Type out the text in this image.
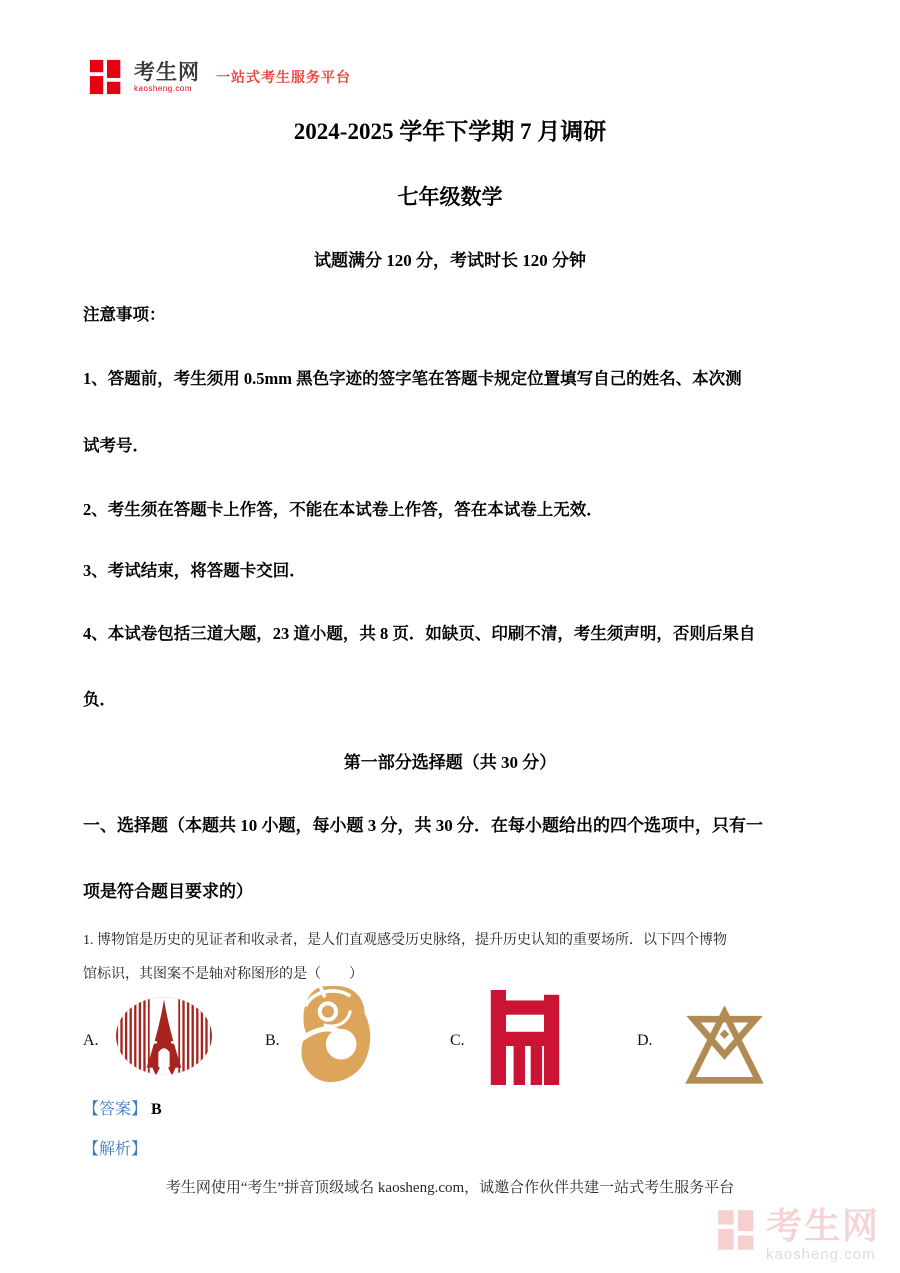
考生网
kaosheng.com
一站式考生服务平台
2024-2025 学年下学期 7 月调研
七年级数学
试题满分 120 分，考试时长 120 分钟
注意事项：
1、答题前，考生须用 0.5mm 黑色字迹的签字笔在答题卡规定位置填写自己的姓名、本次测
试考号．
2、考生须在答题卡上作答，不能在本试卷上作答，答在本试卷上无效．
3、考试结束，将答题卡交回．
4、本试卷包括三道大题，23 道小题，共 8 页．如缺页、印刷不清，考生须声明，否则后果自
负．
第一部分选择题（共 30 分）
一、选择题（本题共 10 小题，每小题 3 分，共 30 分．在每小题给出的四个选项中，只有一
项是符合题目要求的）
1. 博物馆是历史的见证者和收录者，是人们直观感受历史脉络，提升历史认知的重要场所．以下四个博物
馆标识，其图案不是轴对称图形的是（　　）
A.	B.	C.	D.
【答案】 B
【解析】
考生网使用“考生”拼音顶级域名 kaosheng.com，诚邀合作伙伴共建一站式考生服务平台
考生网
kaosheng.com
